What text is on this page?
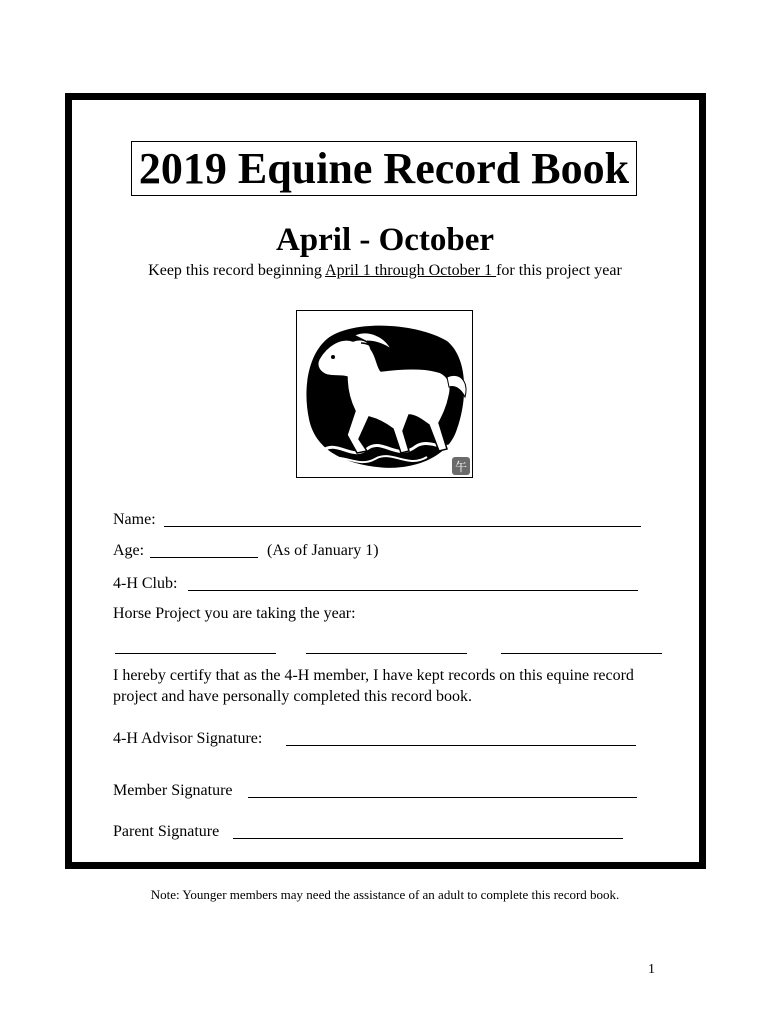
2019 Equine Record Book
April - October
Keep this record beginning April 1 through October 1 for this project year
午
Name:
Age:	(As of January 1)
4-H Club:
Horse Project you are taking the year:
I hereby certify that as the 4-H member, I have kept records on this equine record project and have personally completed this record book.
4-H Advisor Signature:
Member Signature
Parent Signature
Note: Younger members may need the assistance of an adult to complete this record book.
1
